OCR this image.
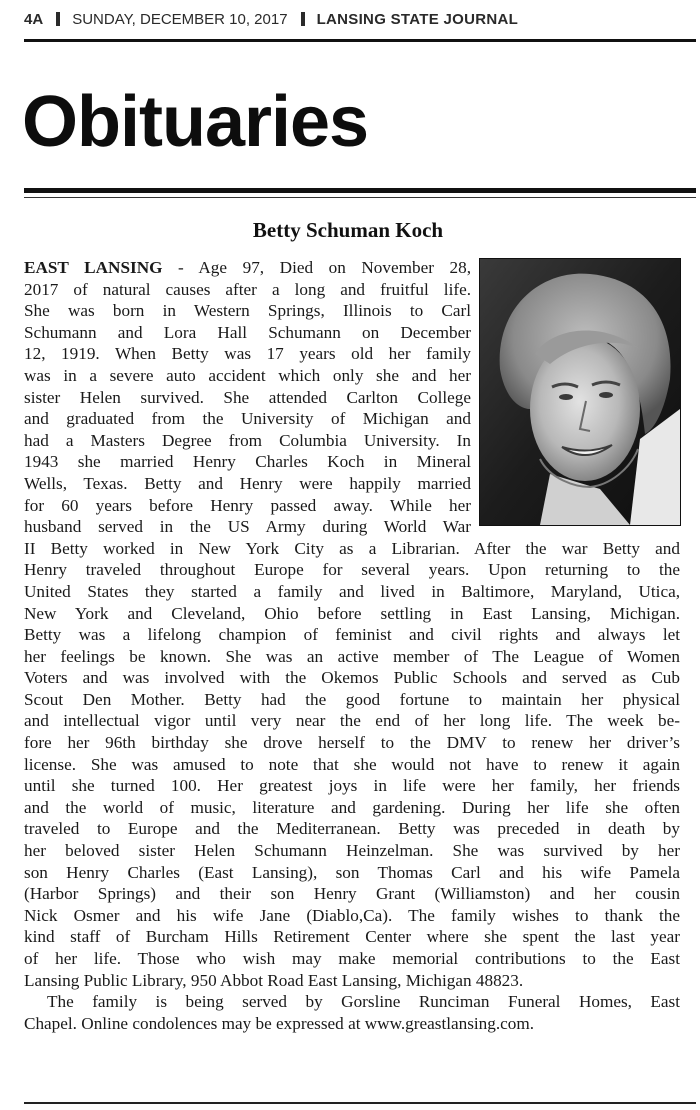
4A SUNDAY, DECEMBER 10, 2017 LANSING STATE JOURNAL
Obituaries
Betty Schuman Koch
EAST LANSING - Age 97, Died on November 28,
2017 of natural causes after a long and fruitful life.
She was born in Western Springs, Illinois to Carl
Schumann and Lora Hall Schumann on December
12, 1919. When Betty was 17 years old her family
was in a severe auto accident which only she and her
sister Helen survived. She attended Carlton College
and graduated from the University of Michigan and
had a Masters Degree from Columbia University. In
1943 she married Henry Charles Koch in Mineral
Wells, Texas. Betty and Henry were happily married
for 60 years before Henry passed away. While her
husband served in the US Army during World War
II Betty worked in New York City as a Librarian. After the war Betty and
Henry traveled throughout Europe for several years. Upon returning to the
United States they started a family and lived in Baltimore, Maryland, Utica,
New York and Cleveland, Ohio before settling in East Lansing, Michigan.
Betty was a lifelong champion of feminist and civil rights and always let
her feelings be known. She was an active member of The League of Women
Voters and was involved with the Okemos Public Schools and served as Cub
Scout Den Mother. Betty had the good fortune to maintain her physical
and intellectual vigor until very near the end of her long life. The week be-
fore her 96th birthday she drove herself to the DMV to renew her driver’s
license. She was amused to note that she would not have to renew it again
until she turned 100. Her greatest joys in life were her family, her friends
and the world of music, literature and gardening. During her life she often
traveled to Europe and the Mediterranean. Betty was preceded in death by
her beloved sister Helen Schumann Heinzelman. She was survived by her
son Henry Charles (East Lansing), son Thomas Carl and his wife Pamela
(Harbor Springs) and their son Henry Grant (Williamston) and her cousin
Nick Osmer and his wife Jane (Diablo,Ca). The family wishes to thank the
kind staff of Burcham Hills Retirement Center where she spent the last year
of her life. Those who wish may make memorial contributions to the East
Lansing Public Library, 950 Abbot Road East Lansing, Michigan 48823.
The family is being served by Gorsline Runciman Funeral Homes, East
Chapel. Online condolences may be expressed at www.greastlansing.com.
